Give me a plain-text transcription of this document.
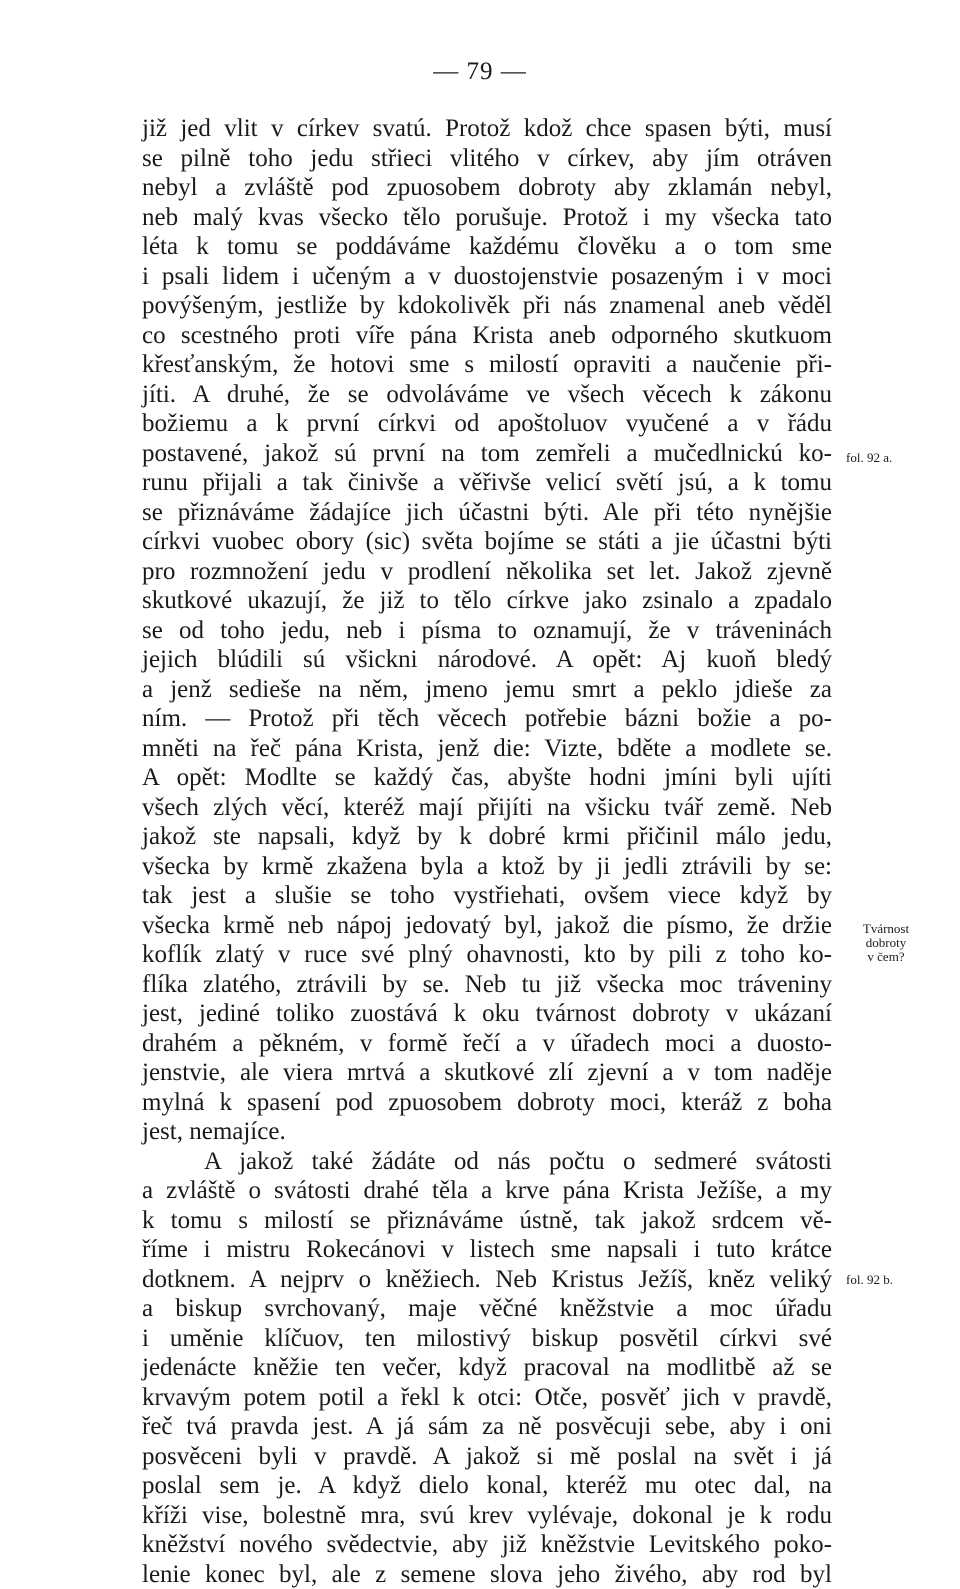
— 79 —
již jed vlit v církev svatú. Protož kdož chce spasen býti, musí
se pilně toho jedu střieci vlitého v církev, aby jím otráven
nebyl a zvláště pod zpuosobem dobroty aby zklamán nebyl,
neb malý kvas všecko tělo porušuje. Protož i my všecka tato
léta k tomu se poddáváme každému člověku a o tom sme
i psali lidem i učeným a v duostojenstvie posazeným i v moci
povýšeným, jestliže by kdokolivěk při nás znamenal aneb věděl
co scestného proti víře pána Krista aneb odporného skutkuom
křesťanským, že hotovi sme s milostí opraviti a naučenie při-
jíti. A druhé, že se odvoláváme ve všech věcech k zákonu
božiemu a k první církvi od apoštoluov vyučené a v řádu
postavené, jakož sú první na tom zemřeli a mučedlnickú ko-
runu přijali a tak činivše a věřivše velicí světí jsú, a k tomu
se přiznáváme žádajíce jich účastni býti. Ale při této nynějšie
církvi vuobec obory (sic) světa bojíme se státi a jie účastni býti
pro rozmnožení jedu v prodlení několika set let. Jakož zjevně
skutkové ukazují, že již to tělo církve jako zsinalo a zpadalo
se od toho jedu, neb i písma to oznamují, že v tráveninách
jejich blúdili sú všickni národové. A opět: Aj kuoň bledý
a jenž sedieše na něm, jmeno jemu smrt a peklo jdieše za
ním. — Protož při těch věcech potřebie bázni božie a po-
mněti na řeč pána Krista, jenž die: Vizte, bděte a modlete se.
A opět: Modlte se každý čas, abyšte hodni jmíni byli ujíti
všech zlých věcí, kteréž mají přijíti na všicku tvář země. Neb
jakož ste napsali, když by k dobré krmi přičinil málo jedu,
všecka by krmě zkažena byla a ktož by ji jedli ztrávili by se:
tak jest a slušie se toho vystřiehati, ovšem viece když by
všecka krmě neb nápoj jedovatý byl, jakož die písmo, že držie
koflík zlatý v ruce své plný ohavnosti, kto by pili z toho ko-
flíka zlatého, ztrávili by se. Neb tu již všecka moc tráveniny
jest, jediné toliko zuostává k oku tvárnost dobroty v ukázaní
drahém a pěkném, v formě řečí a v úřadech moci a duosto-
jenstvie, ale viera mrtvá a skutkové zlí zjevní a v tom naděje
mylná k spasení pod zpuosobem dobroty moci, kteráž z boha
jest, nemajíce.
A jakož také žádáte od nás počtu o sedmeré svátosti
a zvláště o svátosti drahé těla a krve pána Krista Ježíše, a my
k tomu s milostí se přiznáváme ústně, tak jakož srdcem vě-
říme i mistru Rokecánovi v listech sme napsali i tuto krátce
dotknem. A nejprv o kněžiech. Neb Kristus Ježíš, kněz veliký
a biskup svrchovaný, maje věčné kněžstvie a moc úřadu
i uměnie klíčuov, ten milostivý biskup posvětil církvi své
jedenácte kněžie ten večer, když pracoval na modlitbě až se
krvavým potem potil a řekl k otci: Otče, posvěť jich v pravdě,
řeč tvá pravda jest. A já sám za ně posvěcuji sebe, aby i oni
posvěceni byli v pravdě. A jakož si mě poslal na svět i já
poslal sem je. A když dielo konal, kteréž mu otec dal, na
kříži vise, bolestně mra, svú krev vylévaje, dokonal je k rodu
kněžství nového svědectvie, aby již kněžstvie Levitského poko-
lenie konec byl, ale z semene slova jeho živého, aby rod byl
fol. 92 a.
Tvárnost
dobroty
v čem?
fol. 92 b.
